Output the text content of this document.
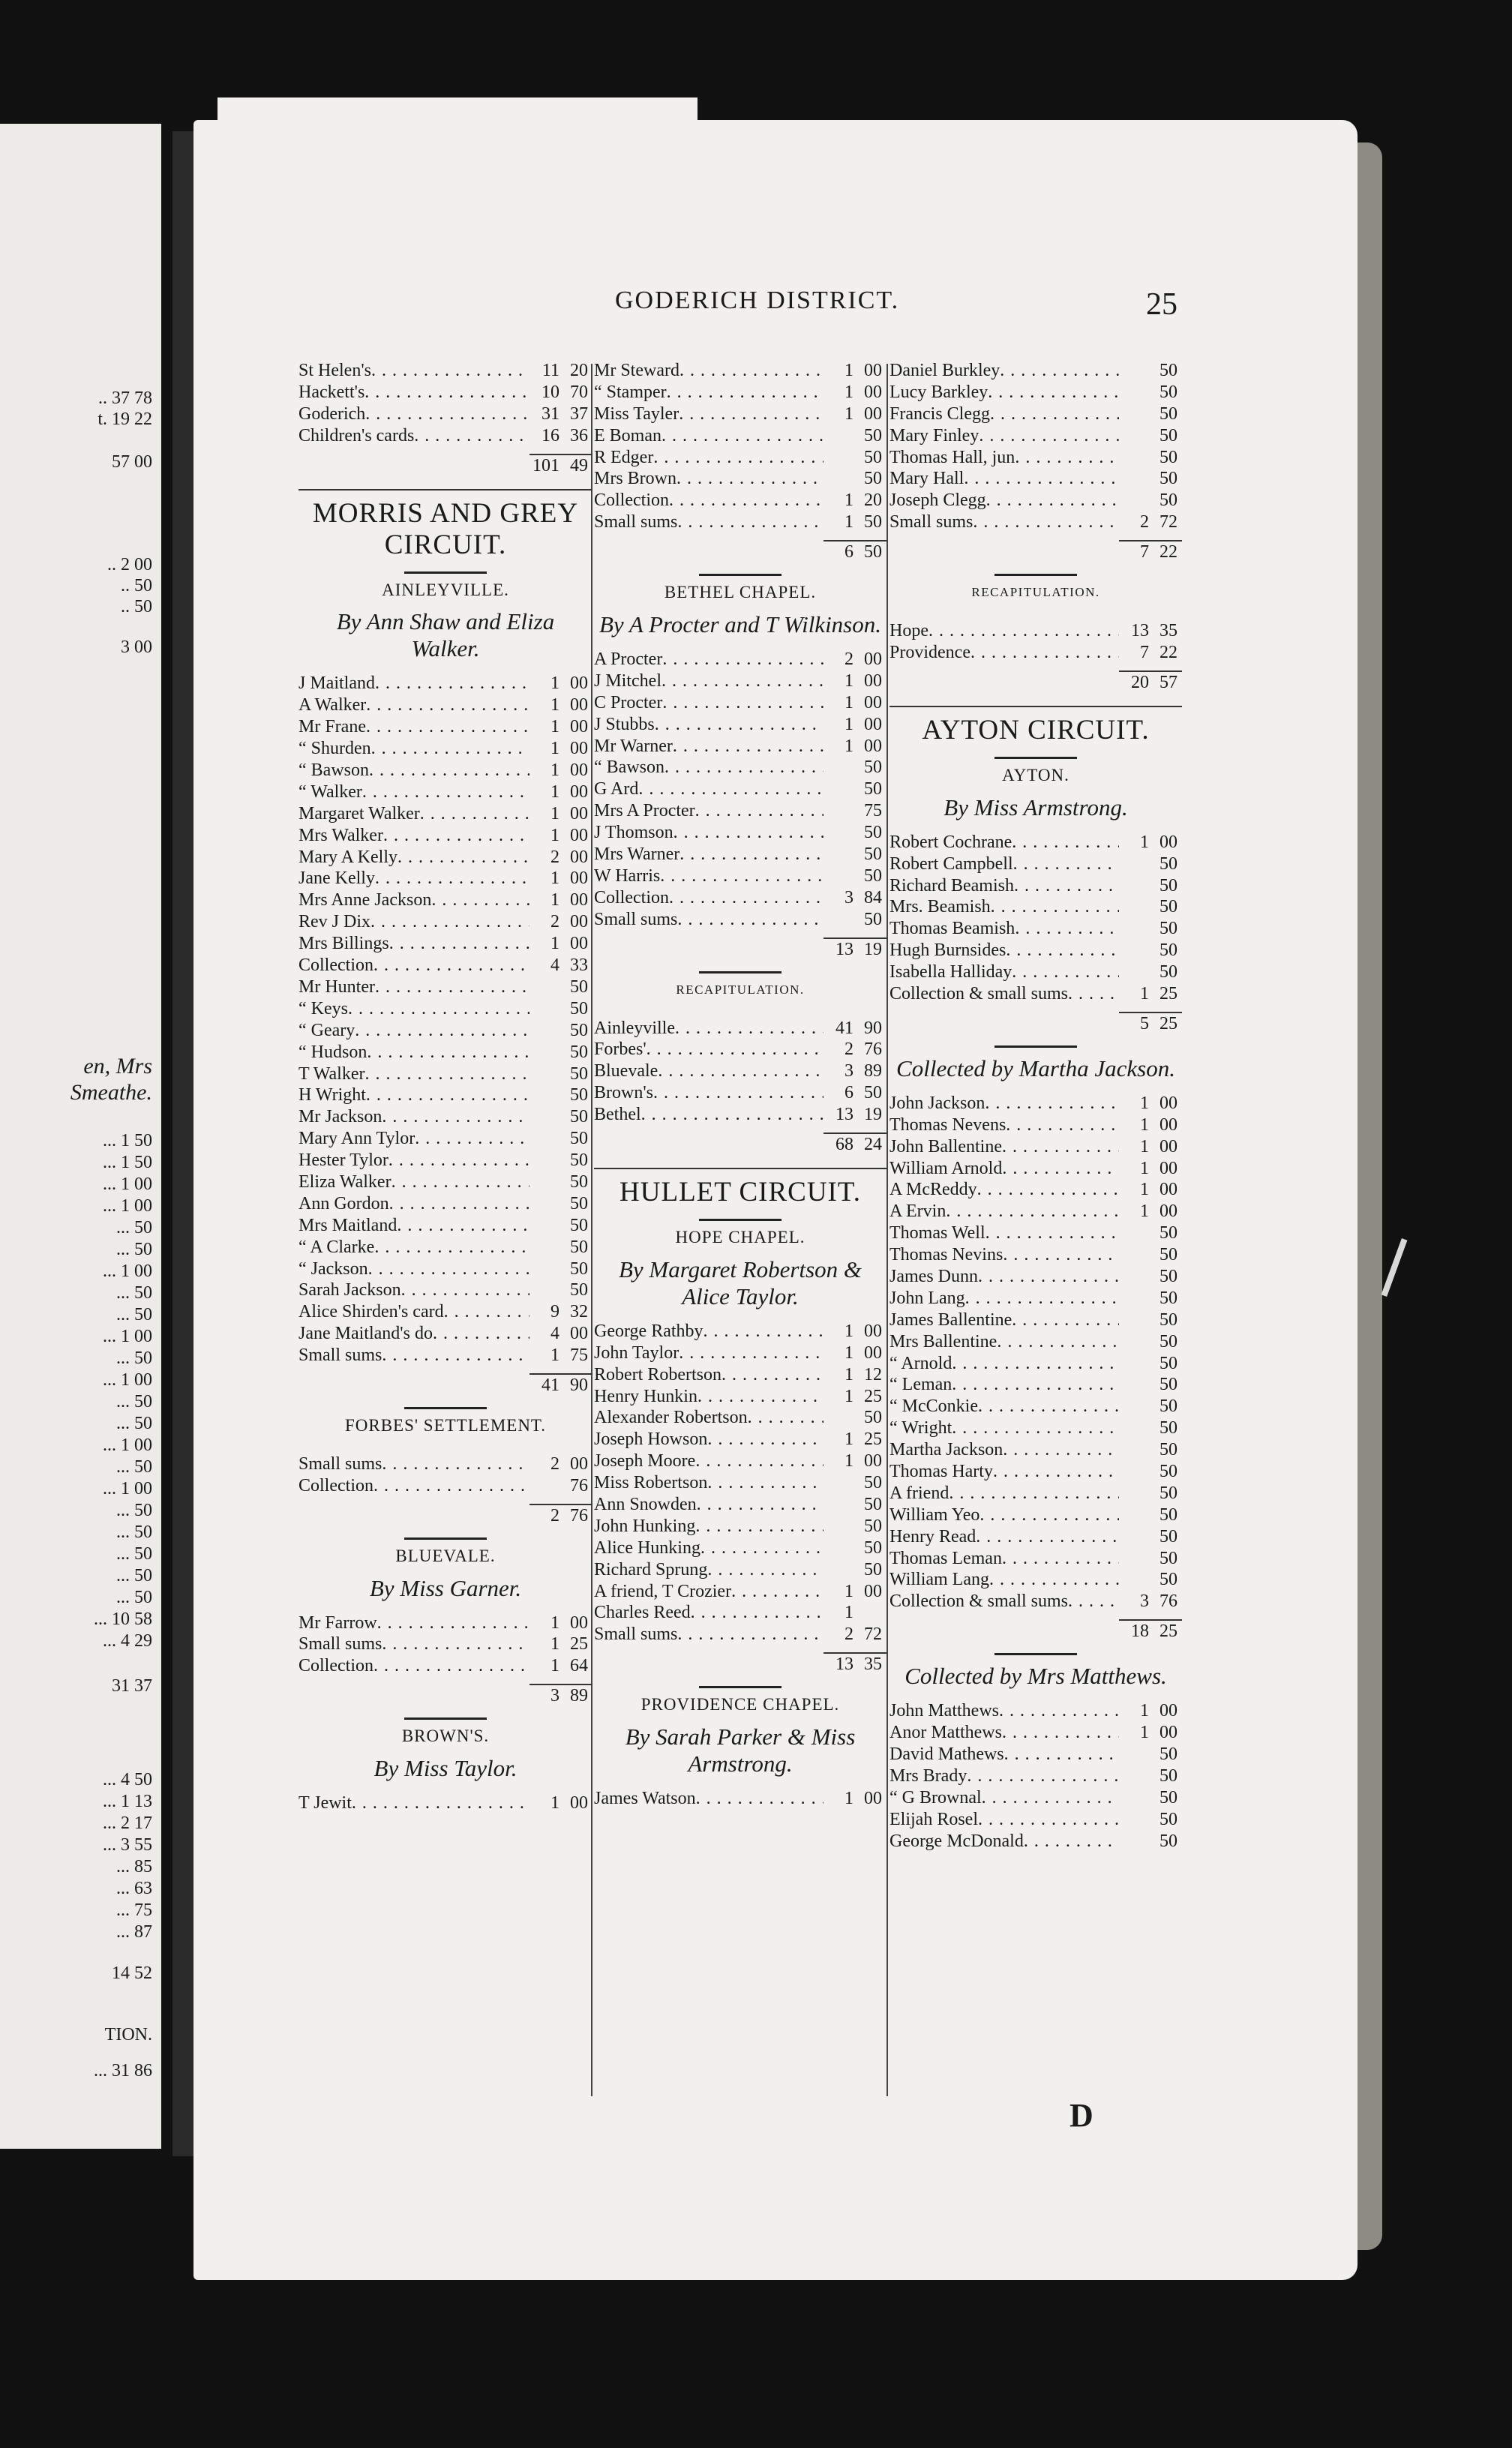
.. 37 78
t. 19 22
57 00
.. 2 00
.. 50
.. 50
3 00
en, Mrs
Smeathe.
... 1 50
... 1 50
... 1 00
... 1 00
... 50
... 50
... 1 00
... 50
... 50
... 1 00
... 50
... 1 00
... 50
... 50
... 1 00
... 50
... 1 00
... 50
... 50
... 50
... 50
... 50
... 10 58
... 4 29
31 37
... 4 50
... 1 13
... 2 17
... 3 55
... 85
... 63
... 75
... 87
14 52
TION.
... 31 86
GODERICH DISTRICT.	25
St Helen's . . .	11 20
Hackett's . . .	10 70
Goderich . . .	31 37
Children's cards . . .	16 36
101 49
MORRIS AND GREY CIRCUIT.
AINLEYVILLE.
By Ann Shaw and Eliza Walker.
J Maitland . . .	1 00
A Walker . . .	1 00
Mr Frane . . .	1 00
“ Shurden . . .	1 00
“ Bawson . . .	1 00
“ Walker . . .	1 00
Margaret Walker . . .	1 00
Mrs Walker . . .	1 00
Mary A Kelly . . .	2 00
Jane Kelly . . .	1 00
Mrs Anne Jackson . . .	1 00
Rev J Dix . . .	2 00
Mrs Billings . . .	1 00
Collection . . .	4 33
Mr Hunter . . .	50
“ Keys . . .	50
“ Geary . . .	50
“ Hudson . . .	50
T Walker . . .	50
H Wright . . .	50
Mr Jackson . . .	50
Mary Ann Tylor . . .	50
Hester Tylor . . .	50
Eliza Walker . . .	50
Ann Gordon . . .	50
Mrs Maitland . . .	50
“ A Clarke . . .	50
“ Jackson . . .	50
Sarah Jackson . . .	50
Alice Shirden's card . . .	9 32
Jane Maitland's do . . .	4 00
Small sums . . .	1 75
41 90
FORBES' SETTLEMENT.
Small sums . . .	2 00
Collection . . .	76
2 76
BLUEVALE.
By Miss Garner.
Mr Farrow . . .	1 00
Small sums . . .	1 25
Collection . . .	1 64
3 89
BROWN'S.
By Miss Taylor.
T Jewit . . .	1 00
Mr Steward . . .	1 00
“ Stamper . . .	1 00
Miss Tayler . . .	1 00
E Boman . . .	50
R Edger . . .	50
Mrs Brown . . .	50
Collection . . .	1 20
Small sums . . .	1 50
6 50
BETHEL CHAPEL.
By A Procter and T Wilkinson.
A Procter . . .	2 00
J Mitchel . . .	1 00
C Procter . . .	1 00
J Stubbs . . .	1 00
Mr Warner . . .	1 00
“ Bawson . . .	50
G Ard . . .	50
Mrs A Procter . . .	75
J Thomson . . .	50
Mrs Warner . . .	50
W Harris . . .	50
Collection . . .	3 84
Small sums . . .	50
13 19
RECAPITULATION.
Ainleyville . . .	41 90
Forbes' . . .	2 76
Bluevale . . .	3 89
Brown's . . .	6 50
Bethel . . .	13 19
68 24
HULLET CIRCUIT.
HOPE CHAPEL.
By Margaret Robertson & Alice Taylor.
George Rathby . . .	1 00
John Taylor . . .	1 00
Robert Robertson . . .	1 12
Henry Hunkin . . .	1 25
Alexander Robertson . . .	50
Joseph Howson . . .	1 25
Joseph Moore . . .	1 00
Miss Robertson . . .	50
Ann Snowden . . .	50
John Hunking . . .	50
Alice Hunking . . .	50
Richard Sprung . . .	50
A friend, T Crozier . . .	1 00
Charles Reed . . .	1
Small sums . . .	2 72
13 35
PROVIDENCE CHAPEL.
By Sarah Parker & Miss Armstrong.
James Watson . . .	1 00
Daniel Burkley . . .	50
Lucy Barkley . . .	50
Francis Clegg . . .	50
Mary Finley . . .	50
Thomas Hall, jun . . .	50
Mary Hall . . .	50
Joseph Clegg . . .	50
Small sums . . .	2 72
7 22
RECAPITULATION.
Hope . . .	13 35
Providence . . .	7 22
20 57
AYTON CIRCUIT.
AYTON.
By Miss Armstrong.
Robert Cochrane . . .	1 00
Robert Campbell . . .	50
Richard Beamish . . .	50
Mrs. Beamish . . .	50
Thomas Beamish . . .	50
Hugh Burnsides . . .	50
Isabella Halliday . . .	50
Collection & small sums . . .	1 25
5 25
Collected by Martha Jackson.
John Jackson . . .	1 00
Thomas Nevens . . .	1 00
John Ballentine . . .	1 00
William Arnold . . .	1 00
A McReddy . . .	1 00
A Ervin . . .	1 00
Thomas Well . . .	50
Thomas Nevins . . .	50
James Dunn . . .	50
John Lang . . .	50
James Ballentine . . .	50
Mrs Ballentine . . .	50
“ Arnold . . .	50
“ Leman . . .	50
“ McConkie . . .	50
“ Wright . . .	50
Martha Jackson . . .	50
Thomas Harty . . .	50
A friend . . .	50
William Yeo . . .	50
Henry Read . . .	50
Thomas Leman . . .	50
William Lang . . .	50
Collection & small sums . . .	3 76
18 25
Collected by Mrs Matthews.
John Matthews . . .	1 00
Anor Matthews . . .	1 00
David Mathews . . .	50
Mrs Brady . . .	50
“ G Brownal . . .	50
Elijah Rosel . . .	50
George McDonald . . .	50
D
